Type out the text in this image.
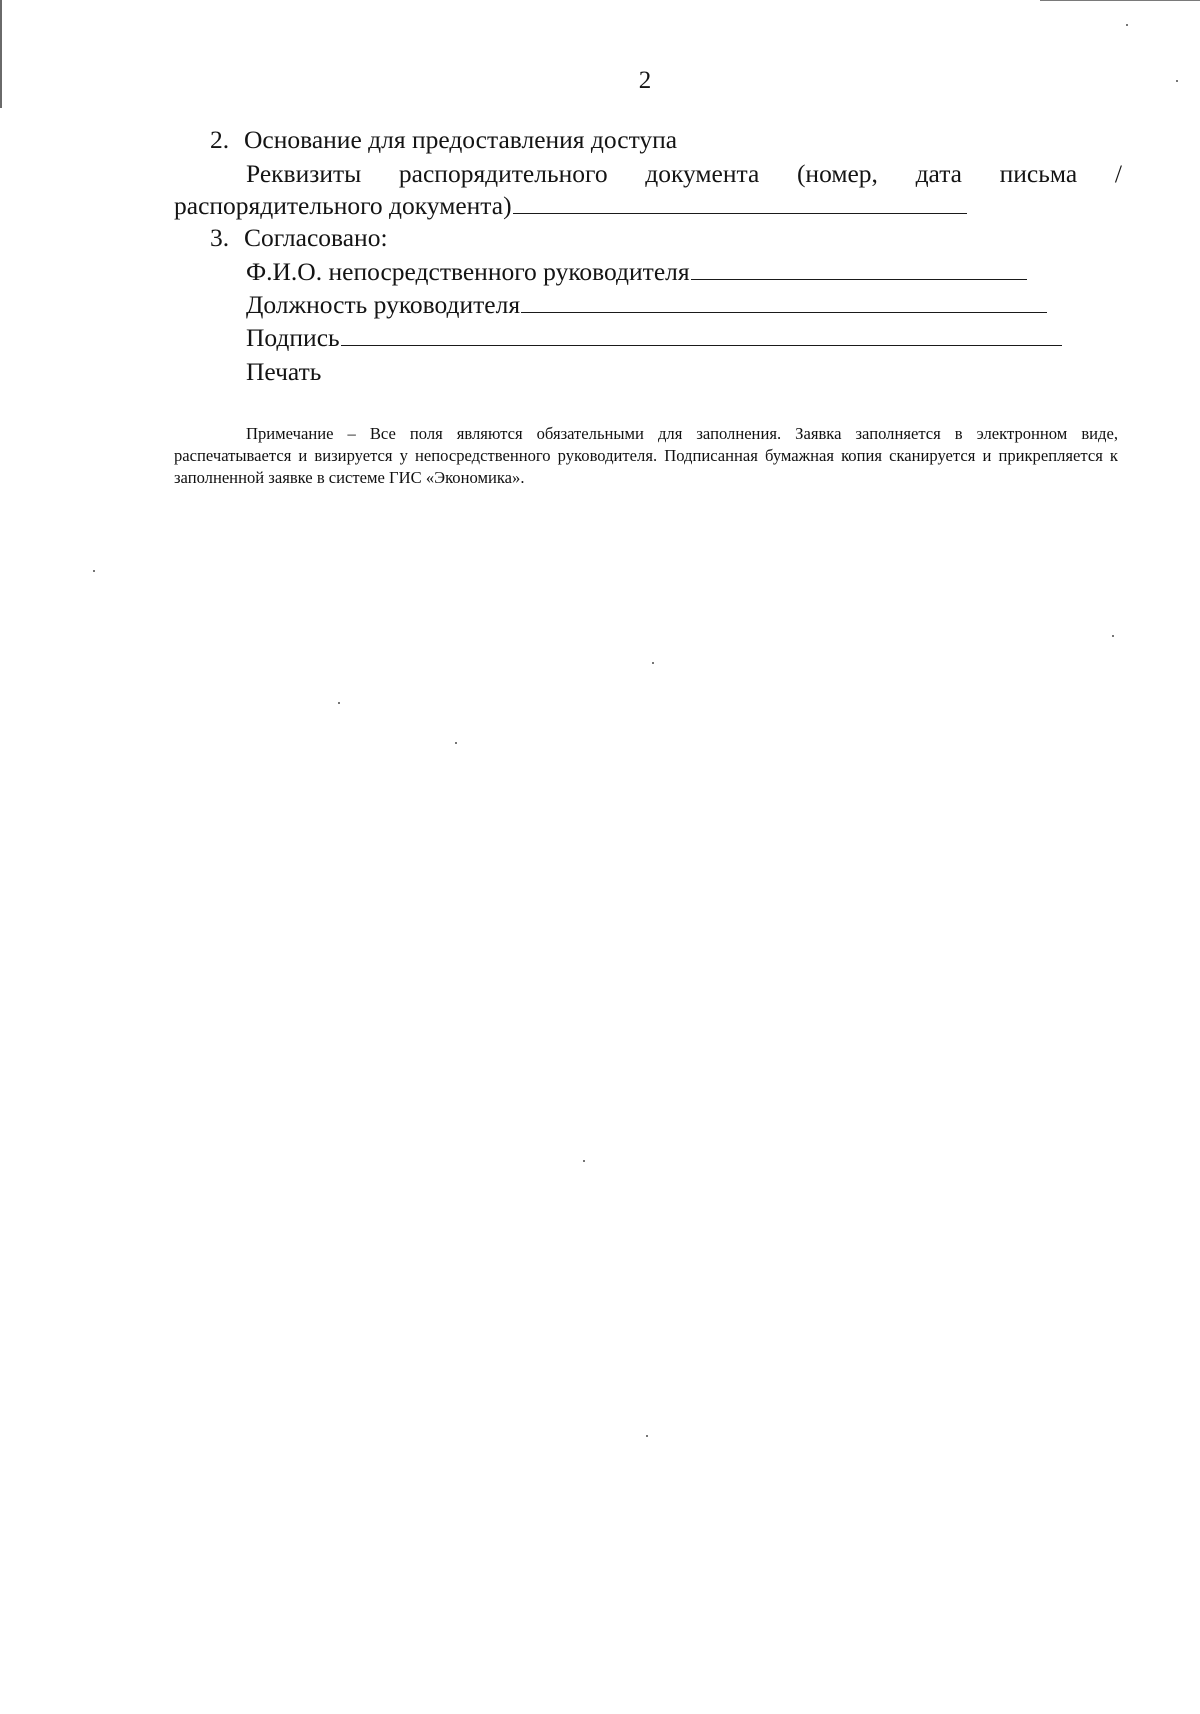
2
2. Основание для предоставления доступа
Реквизиты распорядительного документа (номер, дата письма /
распорядительного документа)
3. Согласовано:
Ф.И.О. непосредственного руководителя
Должность руководителя
Подпись
Печать
Примечание – Все поля являются обязательными для заполнения. Заявка заполняется в электронном виде, распечатывается и визируется у непосредственного руководителя. Подписанная бумажная копия сканируется и прикрепляется к заполненной заявке в системе ГИС «Экономика».
